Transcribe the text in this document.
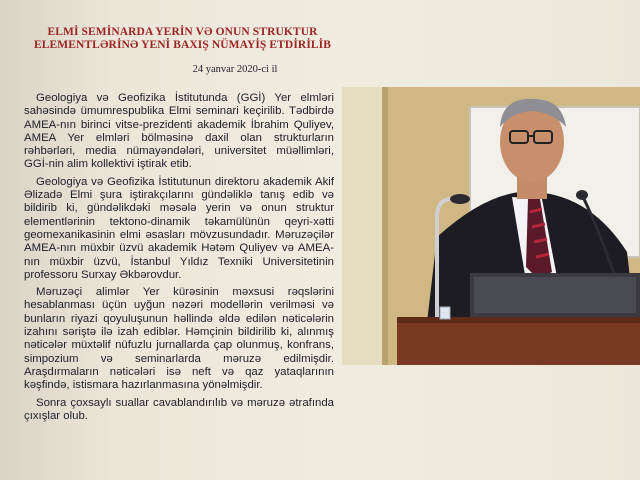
ELMİ SEMİNARDA YERİN VƏ ONUN STRUKTUR
ELEMENTLƏRİNƏ YENİ BAXIŞ NÜMAYİŞ ETDİRİLİB
24 yanvar 2020-ci il

Geologiya və Geofizika İstitutunda (GGİ) Yer elmləri sahəsində ümumrespublika Elmi seminari keçirilib. Tədbirdə AMEA-nın birinci vitse-prezidenti akademik İbrahim Quliyev, AMEA Yer elmləri bölməsinə daxil olan strukturların rəhbərləri, media nümayəndələri, universitet müəllimləri, GGİ-nin alim kollektivi iştirak etib.

Geologiya və Geofizika İstitutunun direktoru akademik Akif Əlizadə Elmi şura iştirakçılarını gündəliklə tanış edib və bildirib ki, gündəlikdəki məsələ yerin və onun struktur elementlərinin tektono-dinamik təkamülünün qeyri-xətti geomexanikasinin elmi əsasları mövzusundadır. Məruzəçilər AMEA-nın müxbir üzvü akademik Hətəm Quliyev və AMEA-nın müxbir üzvü, İstanbul Yıldız Texniki Universitetinin professoru Surxay Əkbərovdur.

Məruzəçi alimlər Yer kürəsinin məxsusi rəqslərini hesablanması üçün uyğun nəzəri modellərin verilməsi və bunların riyazi qoyuluşunun həllində əldə edilən nəticələrin izahını səriştə ilə izah ediblər. Həmçinin bildirilib ki, alınmış nəticələr müxtəlif nüfuzlu jurnallarda çap olunmuş, konfrans, simpozium və seminarlarda məruzə edilmişdir. Araşdırmaların nəticələri isə neft və qaz yataqlarının kəşfində, istismara hazırlanmasına yönəlmişdir.

Sonra çoxsaylı suallar cavablandırılıb və məruzə ətrafında çıxışlar olub.
